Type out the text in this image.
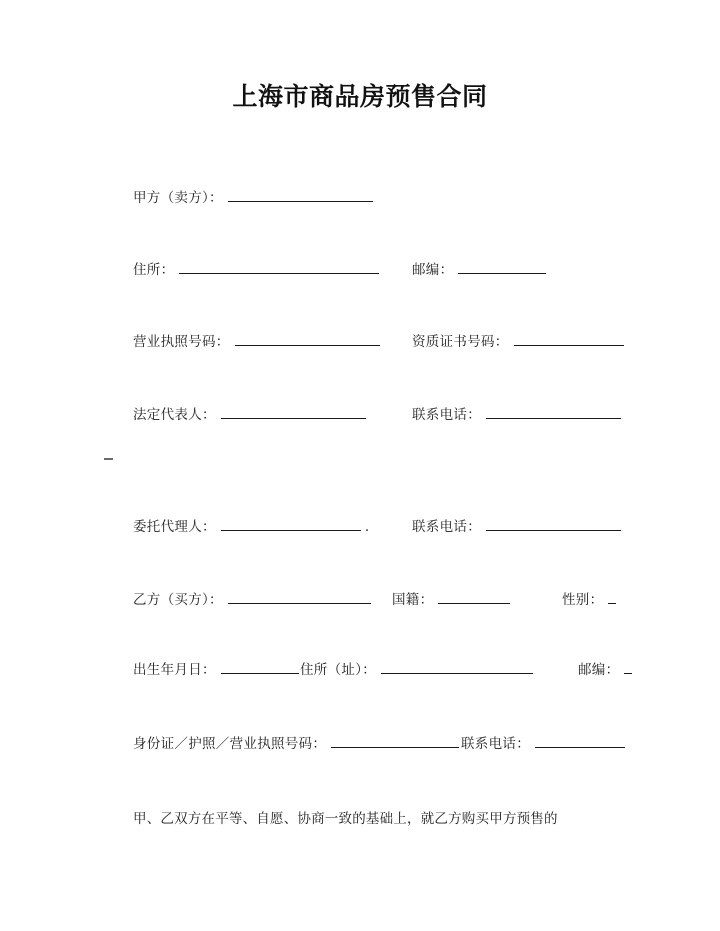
上海市商品房预售合同
甲方（卖方）：
住所：	邮编：
营业执照号码：	资质证书号码：
法定代表人：	联系电话：
委托代理人：	.	联系电话：
乙方（买方）：	国籍：	性别：
出生年月日：	住所（址）：	邮编：
身份证／护照／营业执照号码：	联系电话：
甲、乙双方在平等、自愿、协商一致的基础上，就乙方购买甲方预售的
